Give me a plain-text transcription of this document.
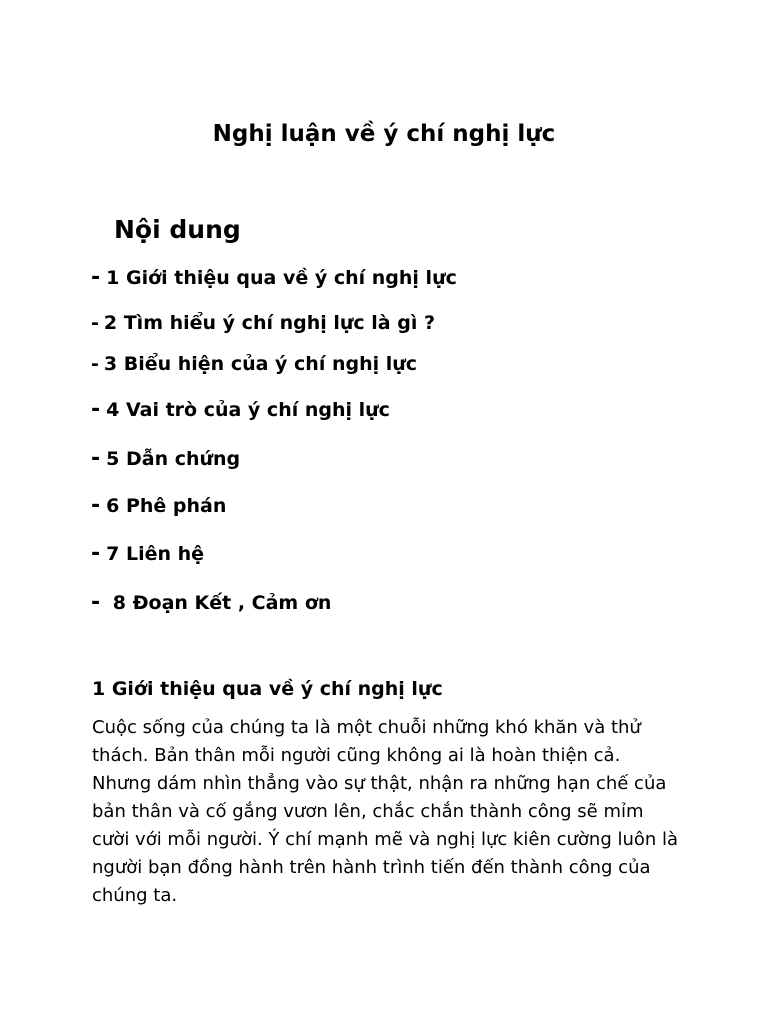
Nghị luận về ý chí nghị lực
Nội dung

- 1 Giới thiệu qua về ý chí nghị lực

- 2 Tìm hiểu ý chí nghị lực là gì ?

- 3 Biểu hiện của ý chí nghị lực

- 4 Vai trò của ý chí nghị lực

- 5 Dẫn chứng

- 6 Phê phán

- 7 Liên hệ

- 8 Đoạn Kết , Cảm ơn

1 Giới thiệu qua về ý chí nghị lực

Cuộc sống của chúng ta là một chuỗi những khó khăn và thử thách. Bản thân mỗi người cũng không ai là hoàn thiện cả. Nhưng dám nhìn thẳng vào sự thật, nhận ra những hạn chế của bản thân và cố gắng vươn lên, chắc chắn thành công sẽ mỉm cười với mỗi người. Ý chí mạnh mẽ và nghị lực kiên cường luôn là người bạn đồng hành trên hành trình tiến đến thành công của chúng ta.
